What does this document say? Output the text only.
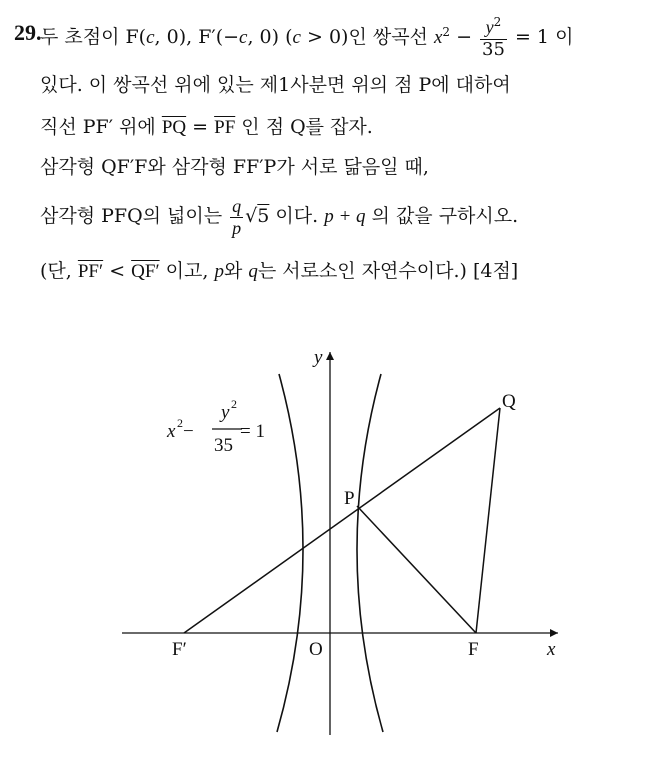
29.
두 초점이 F(c, 0), F′(−c, 0) (c > 0)인 쌍곡선 $x^2 - \frac{y^2}{35} = 1$ 이
있다. 이 쌍곡선 위에 있는 제1사분면 위의 점 P에 대하여
직선 PF′ 위에 $\overline{PQ} = \overline{PF}$ 인 점 Q를 잡자.
삼각형 QF′F와 삼각형 FF′P가 서로 닮음일 때,
삼각형 PFQ의 넓이는 $\frac{q}{p} √5$ 이다. p + q 의 값을 구하시오.
(단, PF′ < QF′ 이고, p와 q는 서로소인 자연수이다.) [4점]
y
x
O	F
F′
P
Q
x 2 −
y 2
35
= 1
